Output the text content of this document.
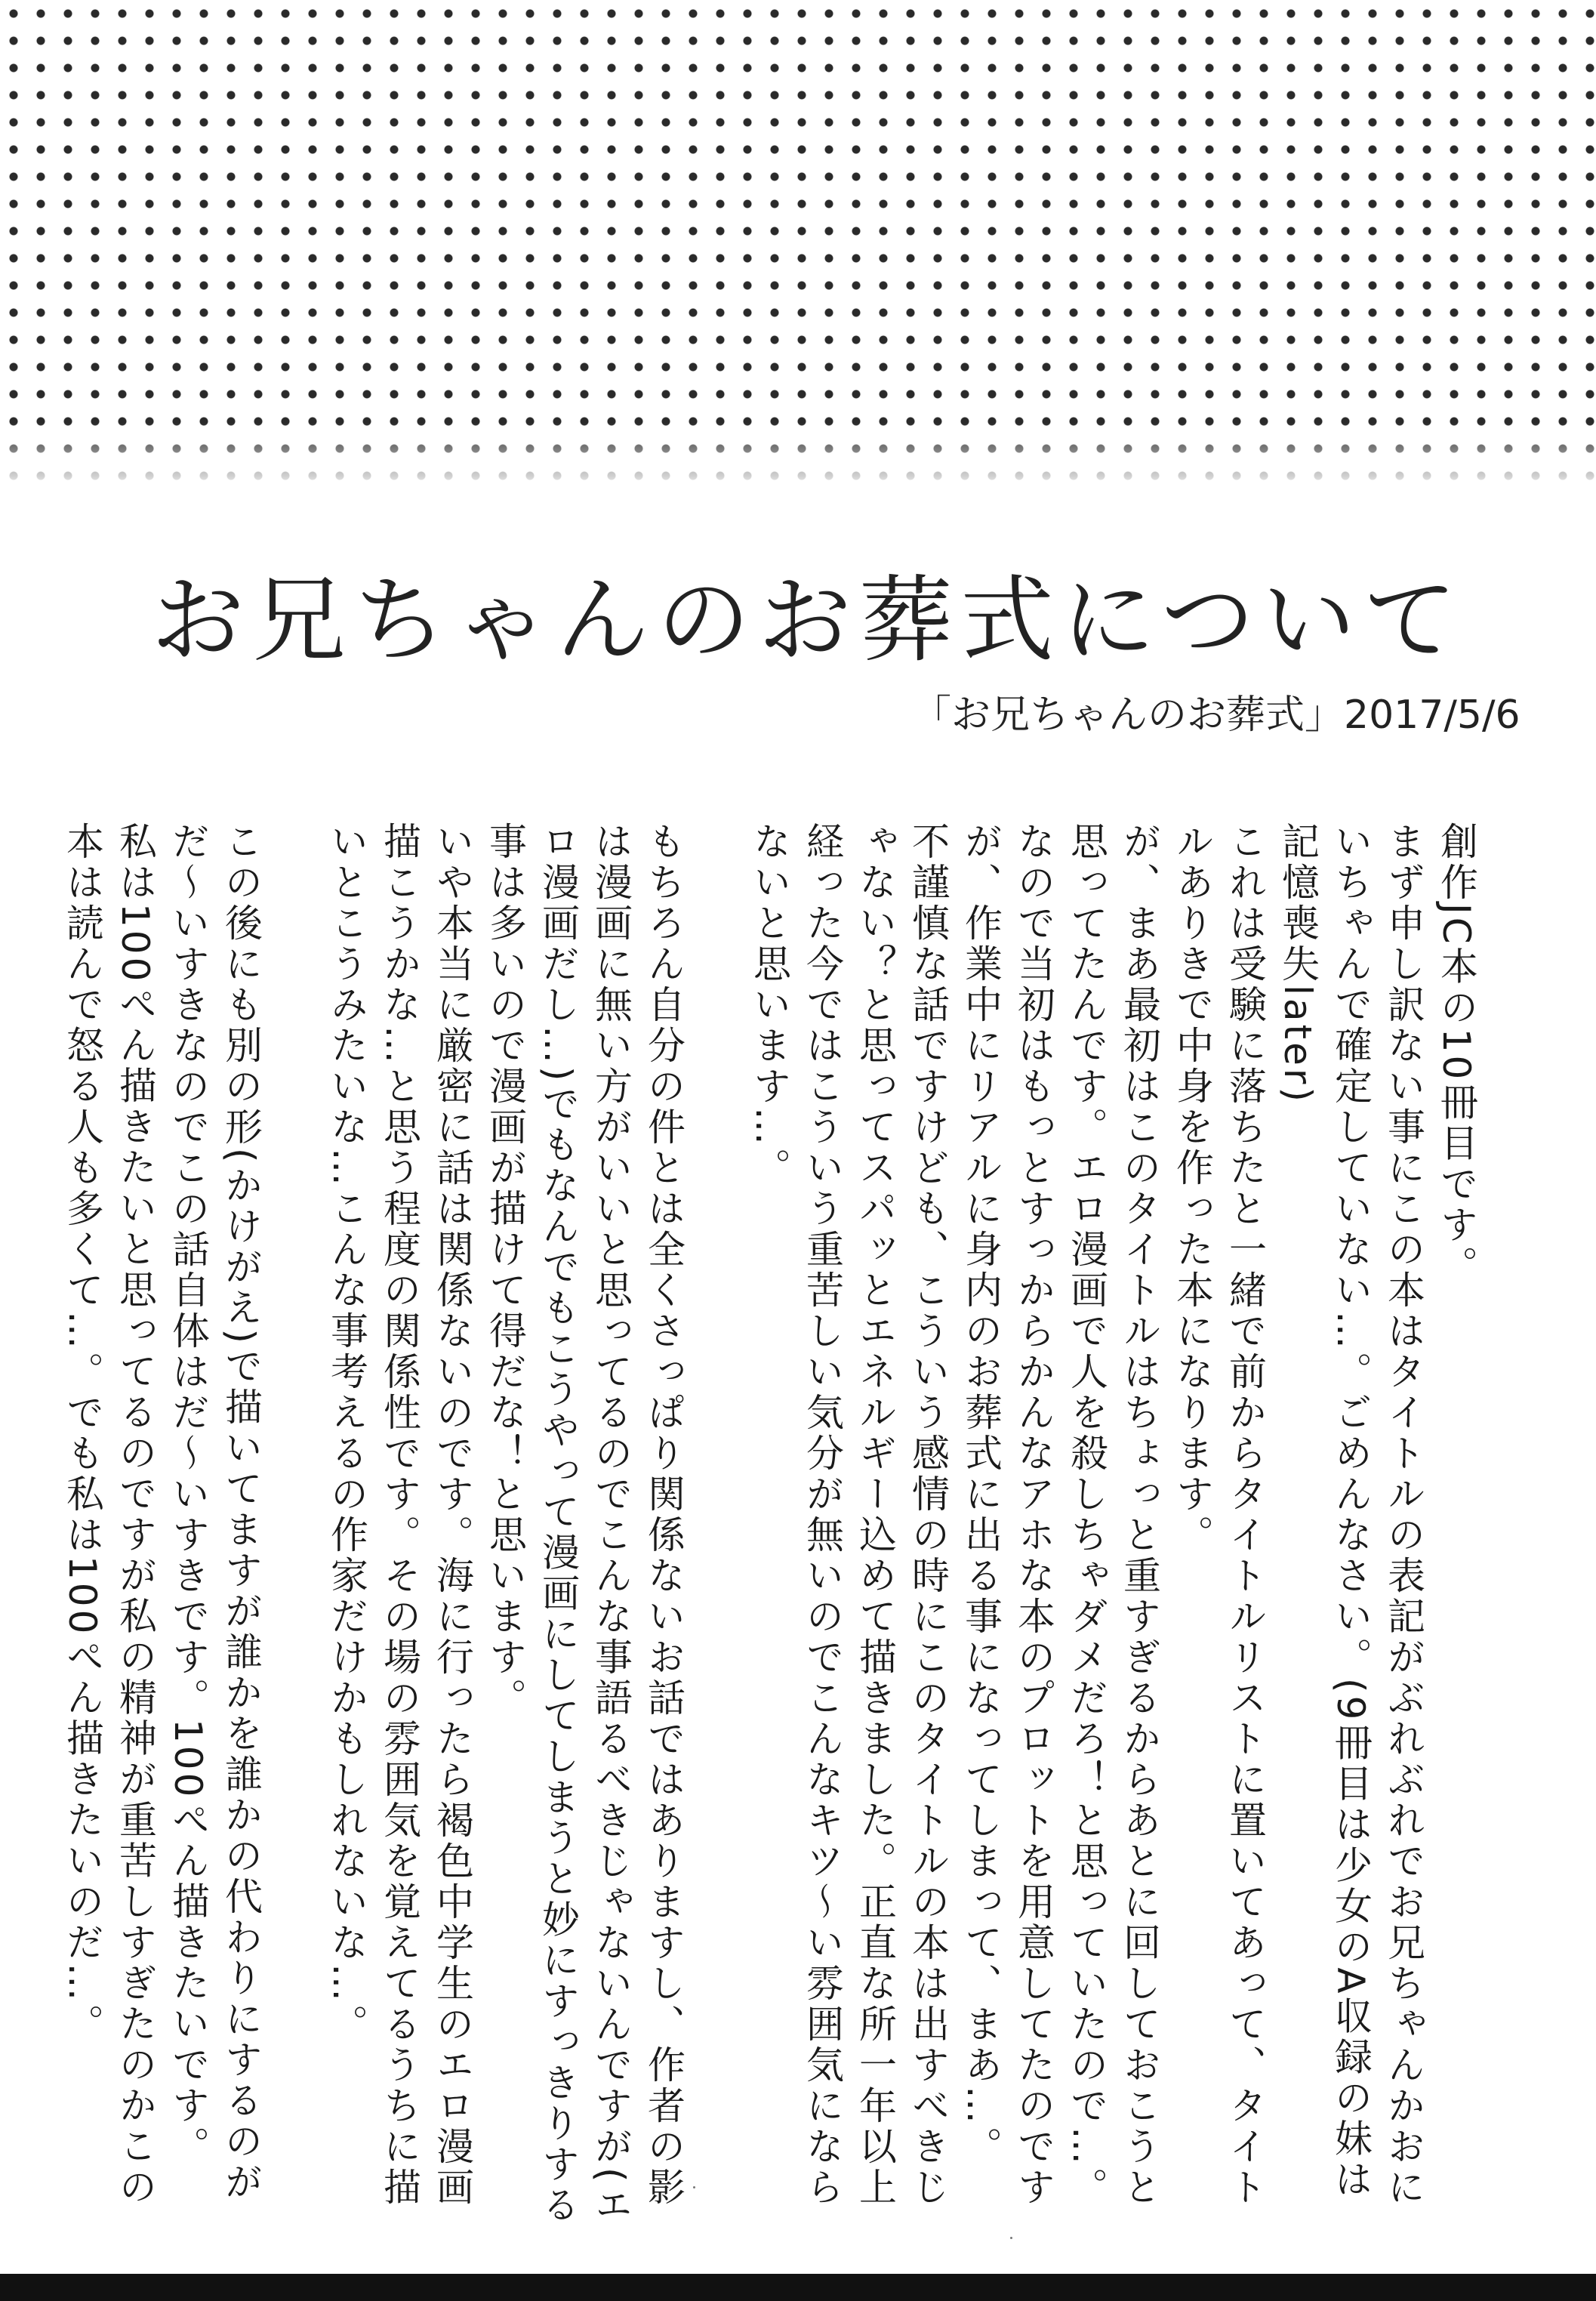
お兄ちゃんのお葬式について
「お兄ちゃんのお葬式」2017/5/6

創作JC本の10冊目です。
まず申し訳ない事にこの本はタイトルの表記がぶれぶれでお兄ちゃんかおにいちゃんで確定していない…。ごめんなさい。(9冊目は少女のA収録の妹は記憶喪失later)

これは受験に落ちたと一緒で前からタイトルリストに置いてあって、タイトルありきで中身を作った本になります。
が、まあ最初はこのタイトルはちょっと重すぎるからあとに回しておこうと思ってたんです。エロ漫画で人を殺しちゃダメだろ！と思っていたので…。なので当初はもっとすっからかんなアホな本のプロットを用意してたのですが、作業中にリアルに身内のお葬式に出る事になってしまって、まあ…。
不謹慎な話ですけども、こういう感情の時にこのタイトルの本は出すべきじゃない？と思ってスパッとエネルギー込めて描きました。正直な所一年以上経った今ではこういう重苦しい気分が無いのでこんなキツ〜い雰囲気にならないと思います…。

もちろん自分の件とは全くさっぱり関係ないお話ではありますし、作者の影は漫画に無い方がいいと思ってるのでこんな事語るべきじゃないんですが(エロ漫画だし…)でもなんでもこうやって漫画にしてしまうと妙にすっきりする事は多いので漫画が描けて得だな！と思います。
いや本当に厳密に話は関係ないのです。海に行ったら褐色中学生のエロ漫画描こうかな…と思う程度の関係性です。その場の雰囲気を覚えてるうちに描いとこうみたいな…こんな事考えるの作家だけかもしれないな…。

この後にも別の形(かけがえ)で描いてますが誰かを誰かの代わりにするのがだ〜いすきなのでこの話自体はだ〜いすきです。100ぺん描きたいです。
私は100ぺん描きたいと思ってるのですが私の精神が重苦しすぎたのかこの本は読んで怒る人も多くて…。でも私は100ぺん描きたいのだ…。
